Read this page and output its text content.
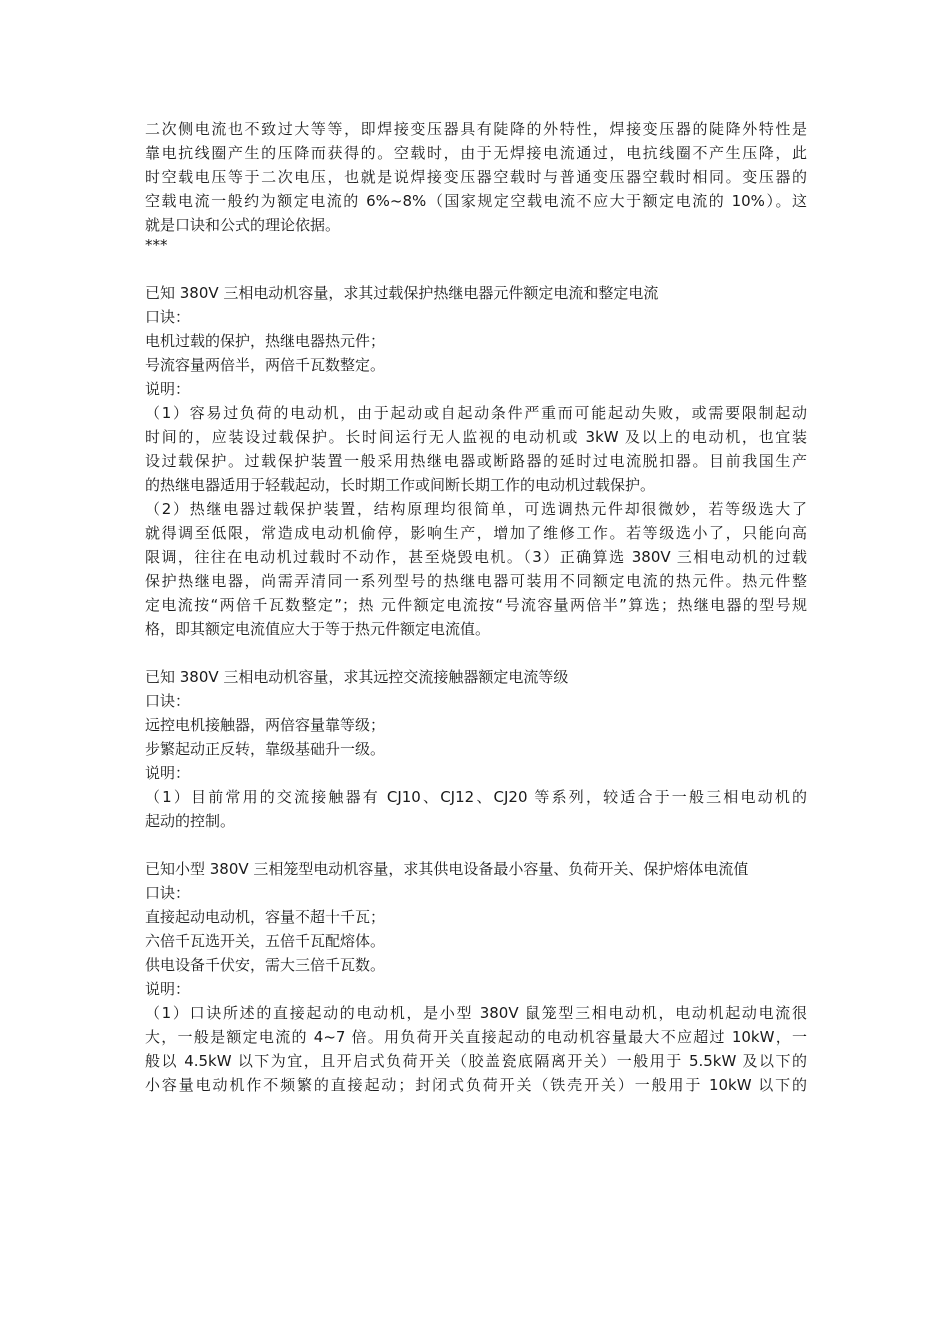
二次侧电流也不致过大等等，即焊接变压器具有陡降的外特性，焊接变压器的陡降外特性是
靠电抗线圈产生的压降而获得的。空载时，由于无焊接电流通过，电抗线圈不产生压降，此
时空载电压等于二次电压，也就是说焊接变压器空载时与普通变压器空载时相同。变压器的
空载电流一般约为额定电流的 6%~8%（国家规定空载电流不应大于额定电流的 10%）。这
就是口诀和公式的理论依据。
***
已知 380V 三相电动机容量，求其过载保护热继电器元件额定电流和整定电流
口诀：
电机过载的保护，热继电器热元件；
号流容量两倍半，两倍千瓦数整定。
说明：
（1）容易过负荷的电动机，由于起动或自起动条件严重而可能起动失败，或需要限制起动
时间的，应装设过载保护。长时间运行无人监视的电动机或 3kW 及以上的电动机，也宜装
设过载保护。过载保护装置一般采用热继电器或断路器的延时过电流脱扣器。目前我国生产
的热继电器适用于轻载起动，长时期工作或间断长期工作的电动机过载保护。
（2）热继电器过载保护装置，结构原理均很简单，可选调热元件却很微妙，若等级选大了
就得调至低限，常造成电动机偷停，影响生产，增加了维修工作。若等级选小了，只能向高
限调，往往在电动机过载时不动作，甚至烧毁电机。（3）正确算选 380V 三相电动机的过载
保护热继电器，尚需弄清同一系列型号的热继电器可装用不同额定电流的热元件。热元件整
定电流按“两倍千瓦数整定”；热 元件额定电流按“号流容量两倍半”算选；热继电器的型号规
格，即其额定电流值应大于等于热元件额定电流值。
已知 380V 三相电动机容量，求其远控交流接触器额定电流等级
口诀：
远控电机接触器，两倍容量靠等级；
步繁起动正反转，靠级基础升一级。
说明：
（1）目前常用的交流接触器有 CJ10、CJ12、CJ20 等系列，较适合于一般三相电动机的
起动的控制。
已知小型 380V 三相笼型电动机容量，求其供电设备最小容量、负荷开关、保护熔体电流值
口诀：
直接起动电动机，容量不超十千瓦；
六倍千瓦选开关，五倍千瓦配熔体。
供电设备千伏安，需大三倍千瓦数。
说明：
（1）口诀所述的直接起动的电动机，是小型 380V 鼠笼型三相电动机，电动机起动电流很
大，一般是额定电流的 4~7 倍。用负荷开关直接起动的电动机容量最大不应超过 10kW，一
般以 4.5kW 以下为宜，且开启式负荷开关（胶盖瓷底隔离开关）一般用于 5.5kW 及以下的
小容量电动机作不频繁的直接起动；封闭式负荷开关（铁壳开关）一般用于 10kW 以下的
